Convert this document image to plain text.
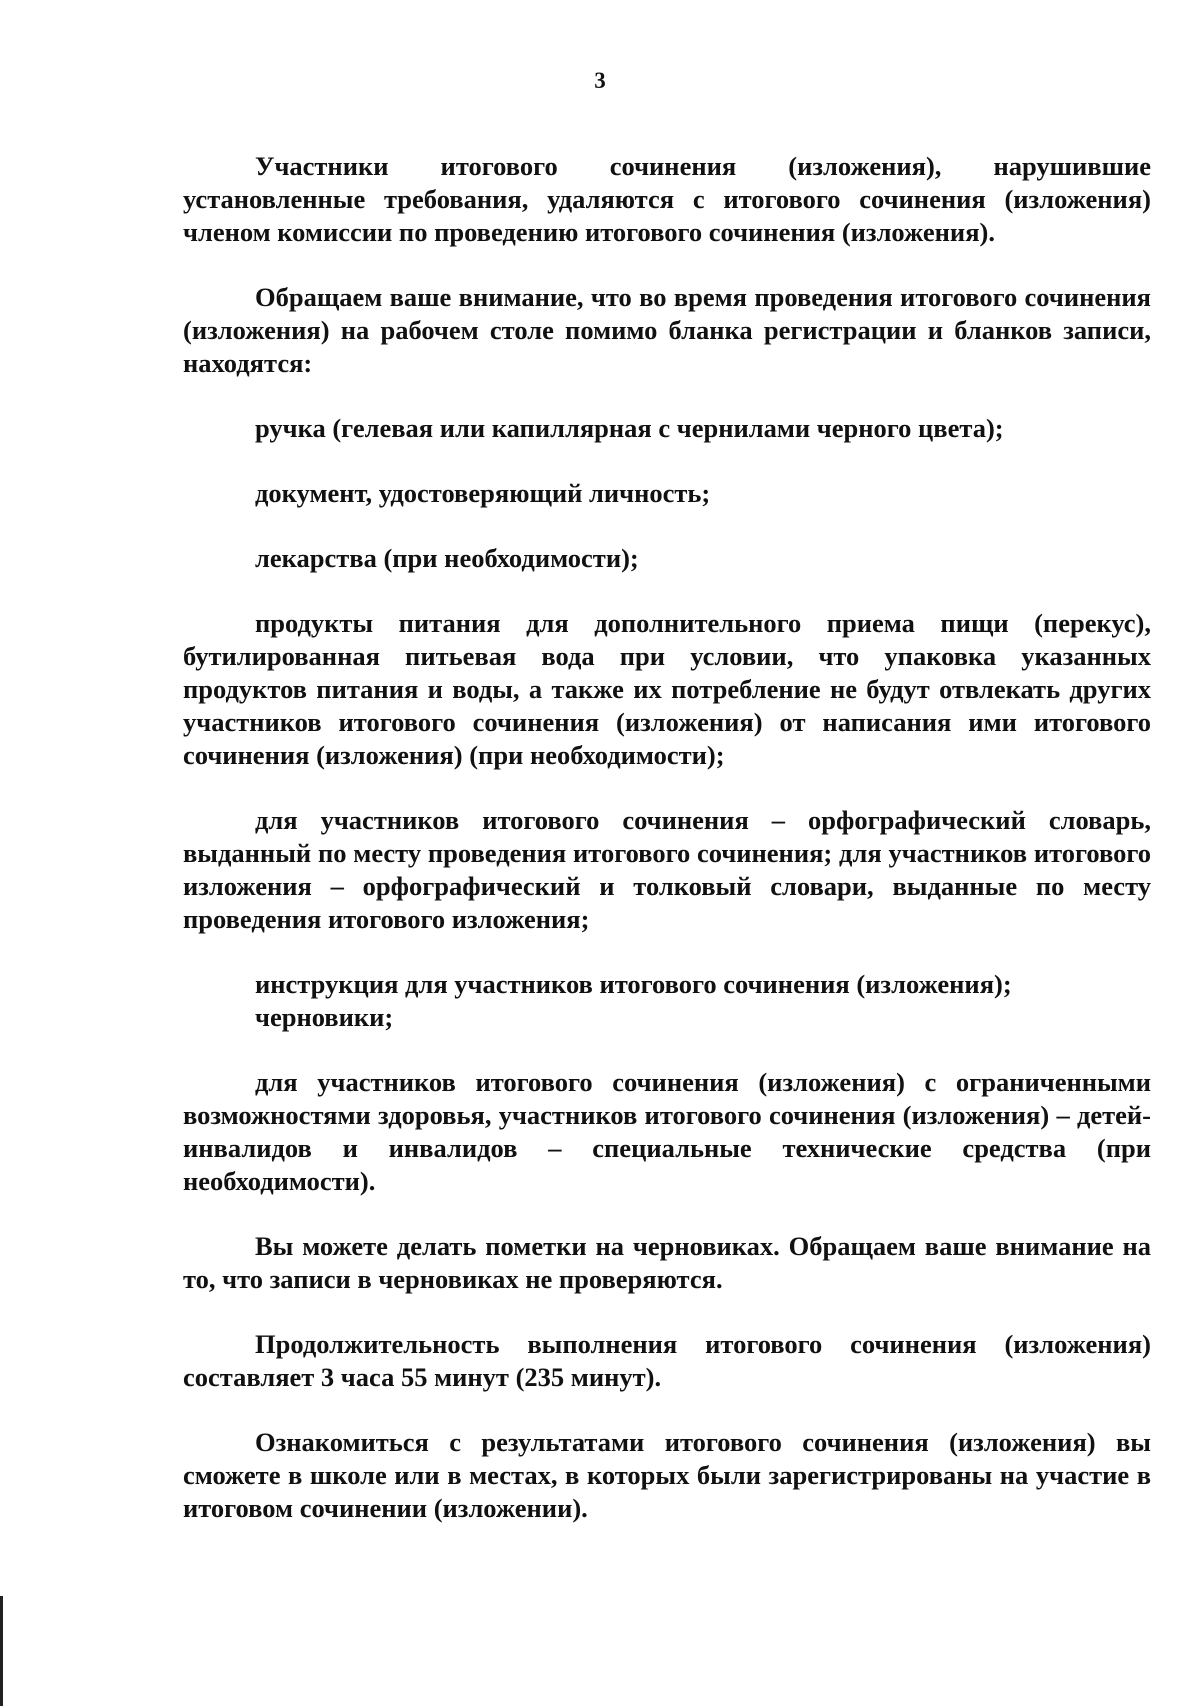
3

Участники итогового сочинения (изложения), нарушившие установленные требования, удаляются с итогового сочинения (изложения) членом комиссии по проведению итогового сочинения (изложения).

Обращаем ваше внимание, что во время проведения итогового сочинения (изложения) на рабочем столе помимо бланка регистрации и бланков записи, находятся:

ручка (гелевая или капиллярная с чернилами черного цвета);

документ, удостоверяющий личность;

лекарства (при необходимости);

продукты питания для дополнительного приема пищи (перекус), бутилированная питьевая вода при условии, что упаковка указанных продуктов питания и воды, а также их потребление не будут отвлекать других участников итогового сочинения (изложения) от написания ими итогового сочинения (изложения) (при необходимости);

для участников итогового сочинения – орфографический словарь, выданный по месту проведения итогового сочинения; для участников итогового изложения – орфографический и толковый словари, выданные по месту проведения итогового изложения;

инструкция для участников итогового сочинения (изложения);

черновики;

для участников итогового сочинения (изложения) с ограниченными возможностями здоровья, участников итогового сочинения (изложения) – детей-инвалидов и инвалидов – специальные технические средства (при необходимости).

Вы можете делать пометки на черновиках. Обращаем ваше внимание на то, что записи в черновиках не проверяются.

Продолжительность выполнения итогового сочинения (изложения) составляет 3 часа 55 минут (235 минут).

Ознакомиться с результатами итогового сочинения (изложения) вы сможете в школе или в местах, в которых были зарегистрированы на участие в итоговом сочинении (изложении).
